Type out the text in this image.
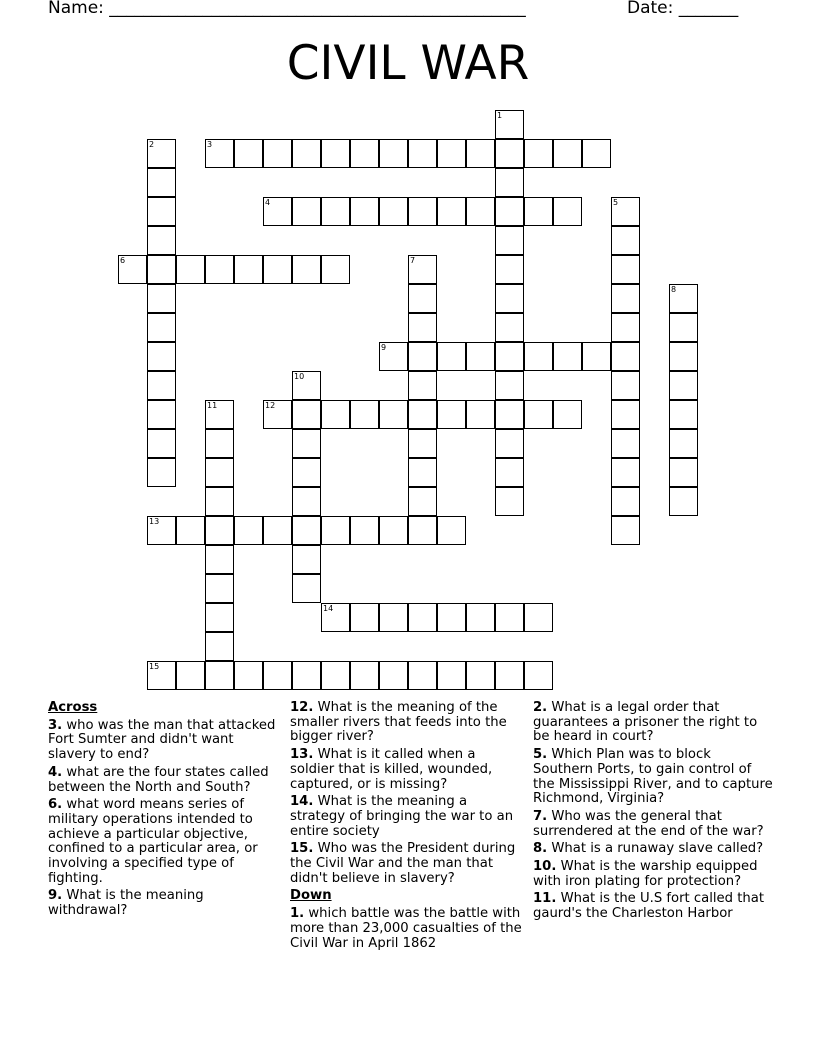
Name: _________________________________________________	Date: _______
CIVIL WAR
1
2	3
4	5
6	7
8
9
10
11	12
13
14
15
Across
3. who was the man that attacked Fort Sumter and didn't want slavery to end?
4. what are the four states called between the North and South?
6. what word means series of military operations intended to achieve a particular objective, confined to a particular area, or involving a specified type of fighting.
9. What is the meaning withdrawal?
12. What is the meaning of the smaller rivers that feeds into the bigger river?
13. What is it called when a soldier that is killed, wounded, captured, or is missing?
14. What is the meaning a strategy of bringing the war to an entire society
15. Who was the President during the Civil War and the man that didn't believe in slavery?
Down
1. which battle was the battle with more than 23,000 casualties of the Civil War in April 1862
2. What is a legal order that guarantees a prisoner the right to be heard in court?
5. Which Plan was to block Southern Ports, to gain control of the Mississippi River, and to capture Richmond, Virginia?
7. Who was the general that surrendered at the end of the war?
8. What is a runaway slave called?
10. What is the warship equipped with iron plating for protection?
11. What is the U.S fort called that gaurd's the Charleston Harbor
